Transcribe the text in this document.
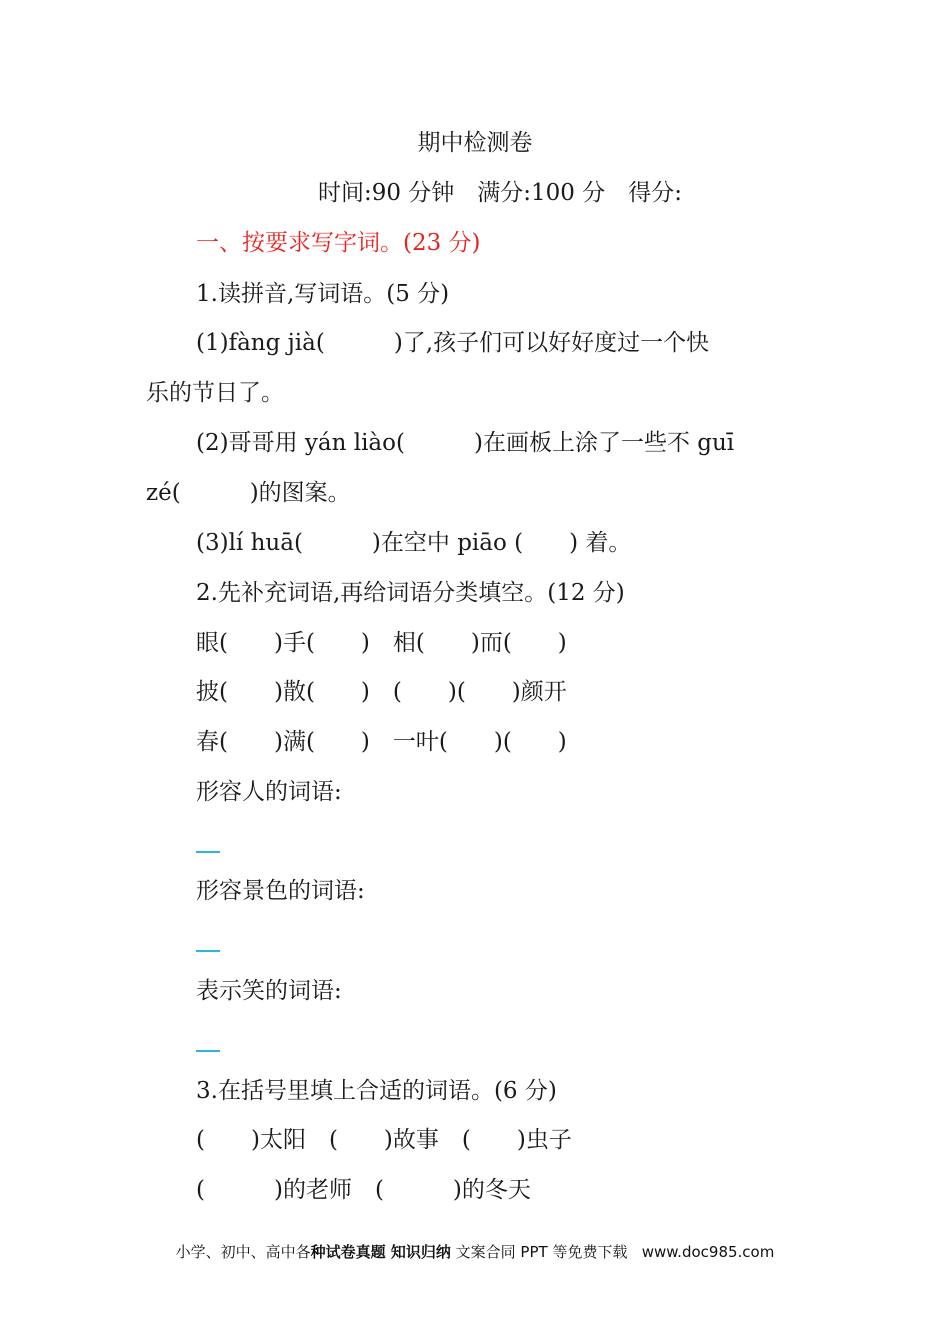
期中检测卷
时间:90 分钟　满分:100 分　得分:
一、按要求写字词。(23 分)
1.读拼音,写词语。(5 分)
(1)fàng jià(　　　)了,孩子们可以好好度过一个快
乐的节日了。
(2)哥哥用 yán liào(　　　)在画板上涂了一些不 guī
zé(　　　)的图案。
(3)lí huā(　　　)在空中 piāo (　　) 着。
2.先补充词语,再给词语分类填空。(12 分)
眼(　　)手(　　)　相(　　)而(　　)
披(　　)散(　　)　(　　)(　　)颜开
春(　　)满(　　)　一叶(　　)(　　)
形容人的词语:
形容景色的词语:
表示笑的词语:
3.在括号里填上合适的词语。(6 分)
(　　)太阳　(　　)故事　(　　)虫子
(　　　)的老师　(　　　)的冬天
小学、初中、高中各种试卷真题 知识归纳 文案合同 PPT 等免费下载   www.doc985.com
